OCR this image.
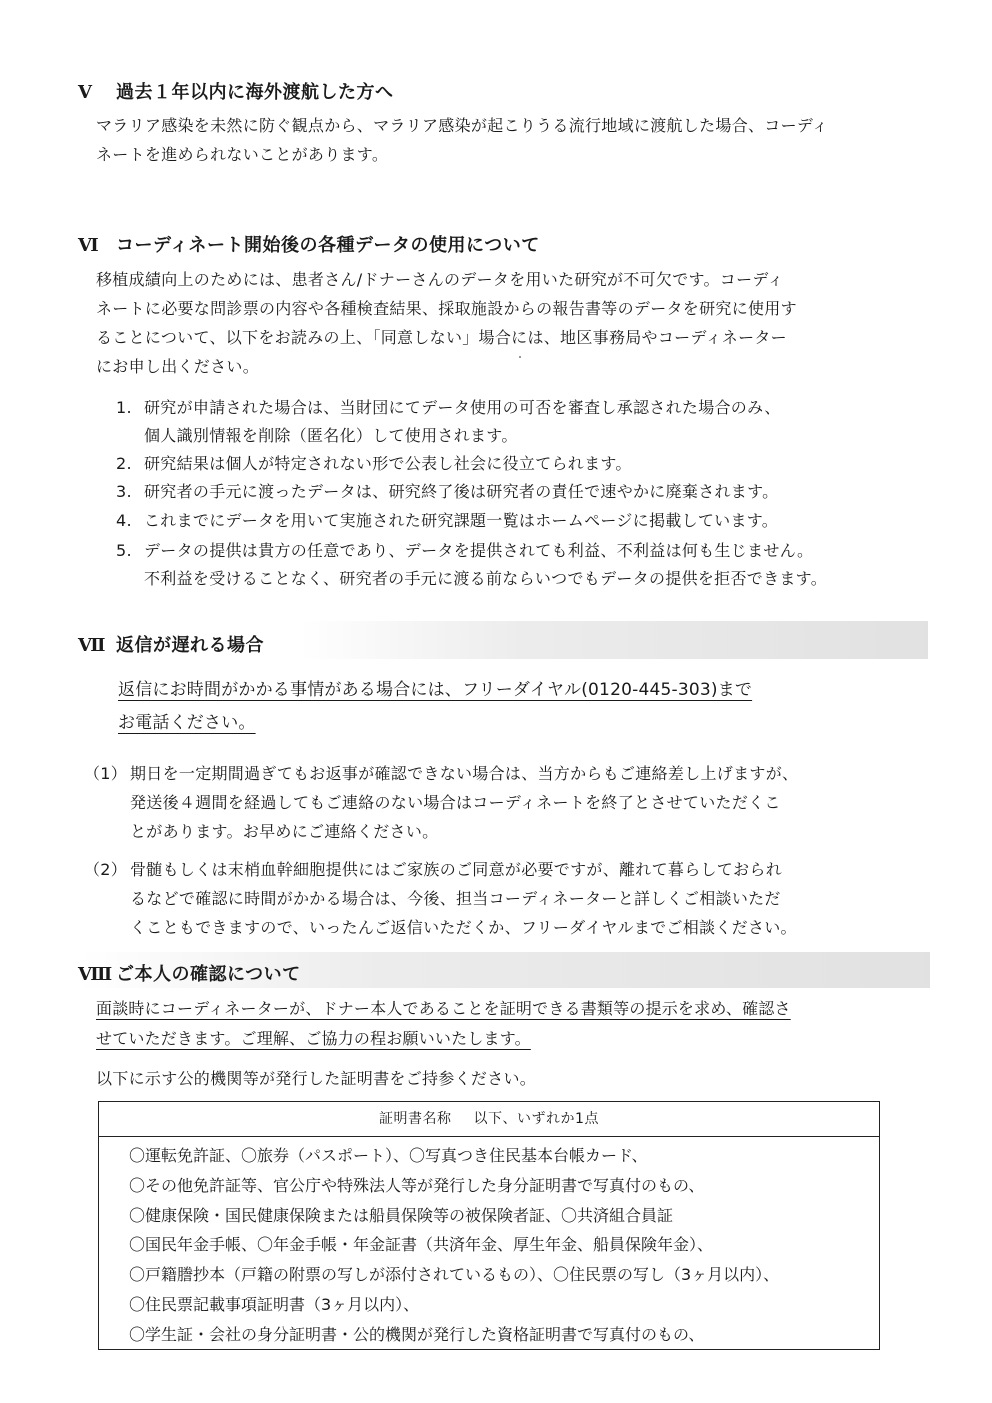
Ⅴ 過去１年以内に海外渡航した方へ
マラリア感染を未然に防ぐ観点から、マラリア感染が起こりうる流行地域に渡航した場合、コーディ
ネートを進められないことがあります。
Ⅵ コーディネート開始後の各種データの使用について
移植成績向上のためには、患者さん/ドナーさんのデータを用いた研究が不可欠です。コーディ
ネートに必要な問診票の内容や各種検査結果、採取施設からの報告書等のデータを研究に使用す
ることについて、以下をお読みの上、「同意しない」場合には、地区事務局やコーディネーター
にお申し出ください。
1. 研究が申請された場合は、当財団にてデータ使用の可否を審査し承認された場合のみ、
個人識別情報を削除（匿名化）して使用されます。
2. 研究結果は個人が特定されない形で公表し社会に役立てられます。
3. 研究者の手元に渡ったデータは、研究終了後は研究者の責任で速やかに廃棄されます。
4. これまでにデータを用いて実施された研究課題一覧はホームページに掲載しています。
5. データの提供は貴方の任意であり、データを提供されても利益、不利益は何も生じません。
不利益を受けることなく、研究者の手元に渡る前ならいつでもデータの提供を拒否できます。
Ⅶ 返信が遅れる場合
返信にお時間がかかる事情がある場合には、フリーダイヤル(0120-445-303)まで
お電話ください。
（1） 期日を一定期間過ぎてもお返事が確認できない場合は、当方からもご連絡差し上げますが、
発送後４週間を経過してもご連絡のない場合はコーディネートを終了とさせていただくこ
とがあります。お早めにご連絡ください。
（2） 骨髄もしくは末梢血幹細胞提供にはご家族のご同意が必要ですが、離れて暮らしておられ
るなどで確認に時間がかかる場合は、今後、担当コーディネーターと詳しくご相談いただ
くこともできますので、いったんご返信いただくか、フリーダイヤルまでご相談ください。
Ⅷ ご本人の確認について
面談時にコーディネーターが、ドナー本人であることを証明できる書類等の提示を求め、確認さ
せていただきます。ご理解、ご協力の程お願いいたします。
以下に示す公的機関等が発行した証明書をご持参ください。
証明書名称 以下、いずれか1点
〇運転免許証、〇旅券（パスポート）、〇写真つき住民基本台帳カード、
〇その他免許証等、官公庁や特殊法人等が発行した身分証明書で写真付のもの、
〇健康保険・国民健康保険または船員保険等の被保険者証、〇共済組合員証
〇国民年金手帳、〇年金手帳・年金証書（共済年金、厚生年金、船員保険年金）、
〇戸籍謄抄本（戸籍の附票の写しが添付されているもの）、〇住民票の写し（3ヶ月以内）、
〇住民票記載事項証明書（3ヶ月以内）、
〇学生証・会社の身分証明書・公的機関が発行した資格証明書で写真付のもの、
